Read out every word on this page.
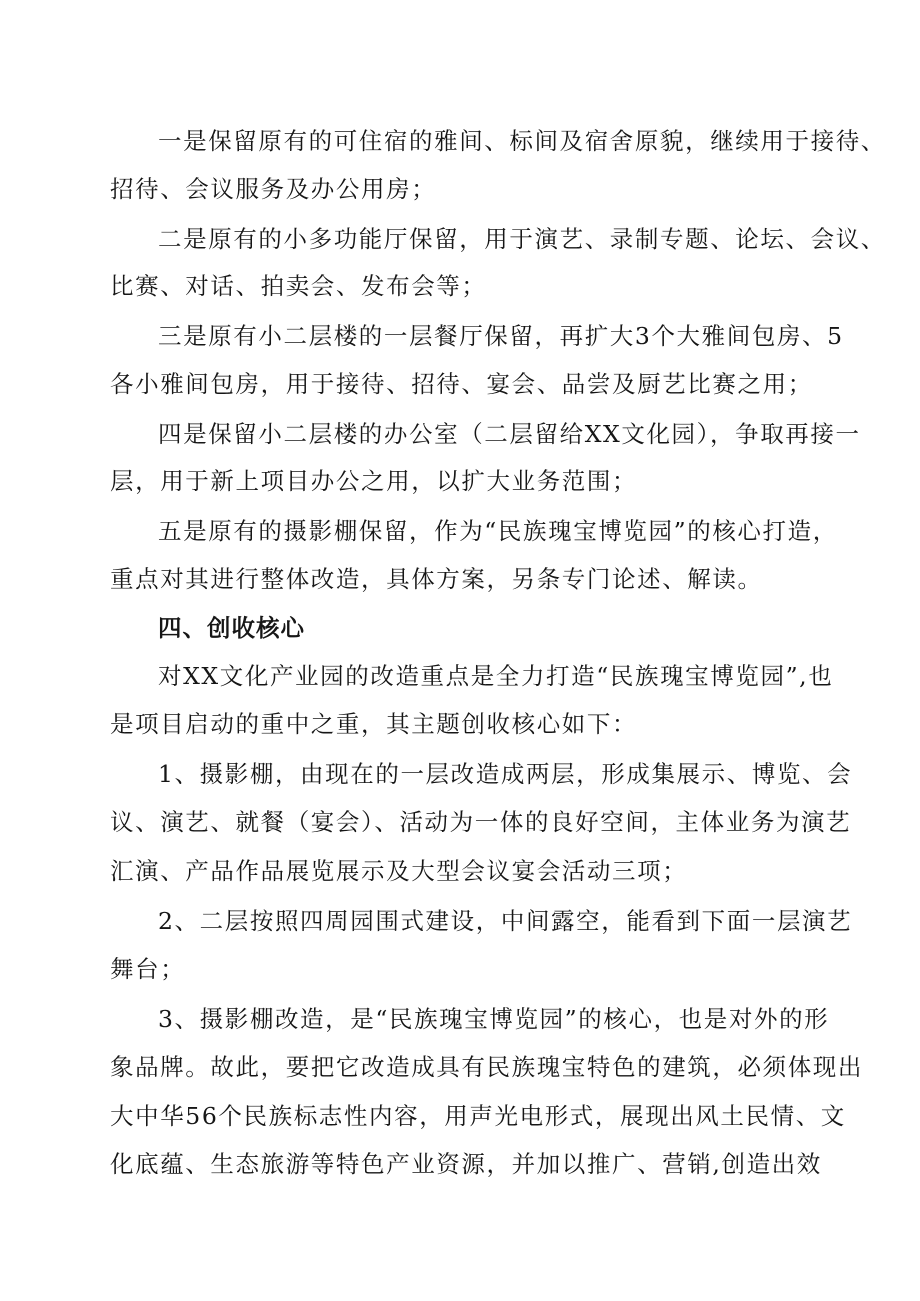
一是保留原有的可住宿的雅间、标间及宿舍原貌，继续用于接待、
招待、会议服务及办公用房；
二是原有的小多功能厅保留，用于演艺、录制专题、论坛、会议、
比赛、对话、拍卖会、发布会等；
三是原有小二层楼的一层餐厅保留，再扩大3个大雅间包房、5
各小雅间包房，用于接待、招待、宴会、品尝及厨艺比赛之用；
四是保留小二层楼的办公室（二层留给XX文化园），争取再接一
层，用于新上项目办公之用，以扩大业务范围；
五是原有的摄影棚保留，作为“民族瑰宝博览园”的核心打造，
重点对其进行整体改造，具体方案，另条专门论述、解读。
四、创收核心
对XX文化产业园的改造重点是全力打造“民族瑰宝博览园”,也
是项目启动的重中之重，其主题创收核心如下：
1、摄影棚，由现在的一层改造成两层，形成集展示、博览、会
议、演艺、就餐（宴会）、活动为一体的良好空间，主体业务为演艺
汇演、产品作品展览展示及大型会议宴会活动三项；
2、二层按照四周园围式建设，中间露空，能看到下面一层演艺
舞台；
3、摄影棚改造，是“民族瑰宝博览园”的核心，也是对外的形
象品牌。故此，要把它改造成具有民族瑰宝特色的建筑，必须体现出
大中华56个民族标志性内容，用声光电形式，展现出风土民情、文
化底蕴、生态旅游等特色产业资源，并加以推广、营销,创造出效
